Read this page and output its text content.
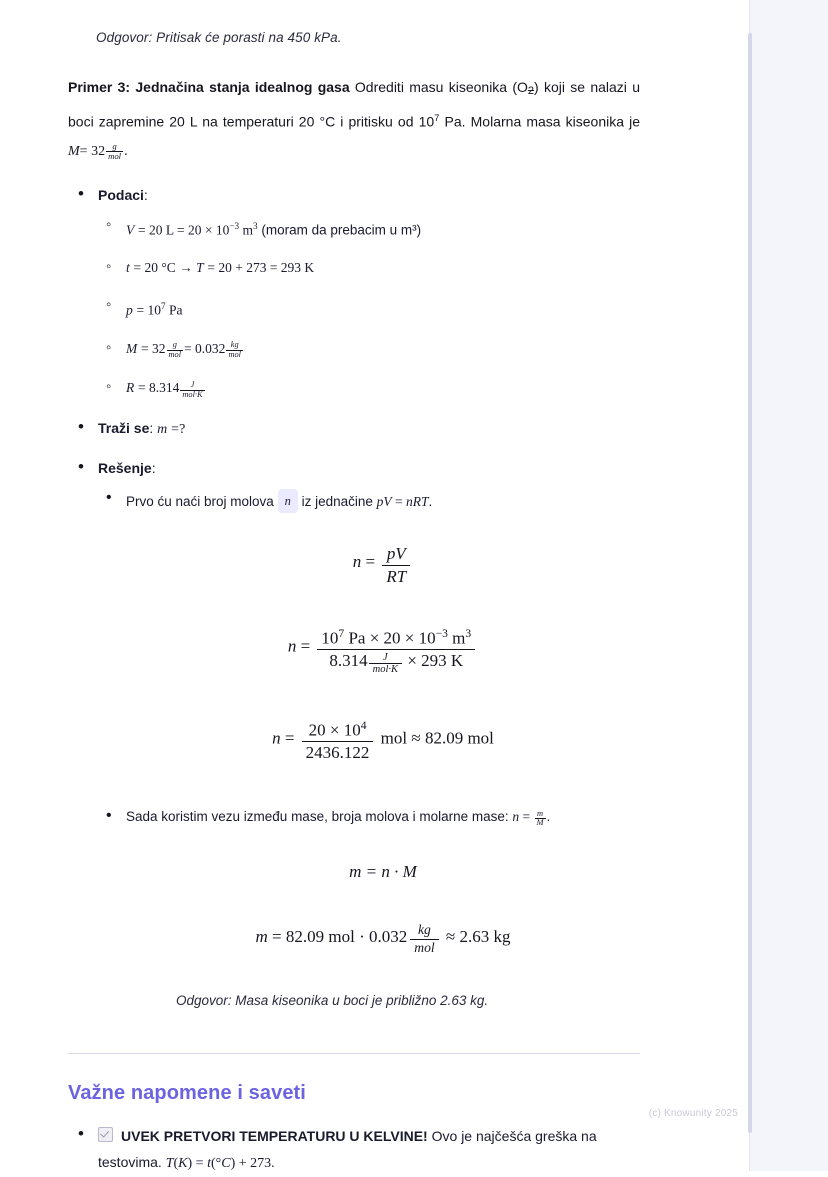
Odgovor: Pritisak će porasti na 450 kPa.

Primer 3: Jednačina stanja idealnog gasa Odrediti masu kiseonika (O2) koji se nalazi u boci zapremine 20 L na temperaturi 20 °C i pritisku od $10^7$ Pa. Molarna masa kiseonika je $M= 32 \frac{g}{\text{mol}}$ .

• Podaci:
◦ V = 20 $L = 20 \times 10^{-3}$ $m^3$ (moram da prebacim u m³)
◦ t = 20 °C → T = 20 + 273 = 293 K
◦ $p = 10^7$ Pa
◦ $M = 32 \frac{g}{\text{mol}} = 0.032 \frac{kg}{\text{mol}}$
◦ $R = 8.314 \frac{J}{\text{mol·K}}$
• Traži se: m =?
• Rešenje:
• Prvo ću naći broj molova n iz jednačine pV = nRT.
$n = \frac{pV}{RT}$
$n = \frac{10^7 Pa \times 20 \times 10^{-3} m^3}{8.314 \frac{J}{\text{mol·K}} \times 293 K}$
$n = \frac{20 \times 10^4}{2436.122}$ mol ≈ 82.09 mol
• Sada koristim vezu između mase, broja molova i molarne mase: $n = \frac{m}{M}$ .
m = n · M
m = 82.09 mol · $0.032 \frac{kg}{\text{mol}} \approx 2.63$ kg
Odgovor: Masa kiseonika u boci je približno 2.63 kg.
Važne napomene i saveti
• UVEK PRETVORI TEMPERATURU U KELVINE! Ovo je najčešća greška na testovima. T(K) = t(°C) + 273.
(c) Knowunity 2025
